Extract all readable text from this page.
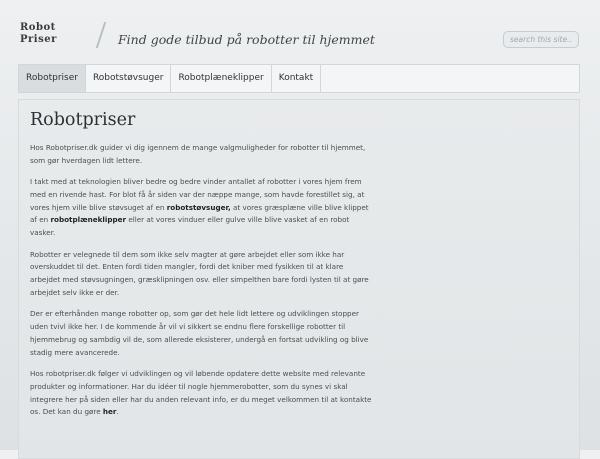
Robot
Priser	Find gode tilbud på robotter til hjemmet
search this site...
Robotpriser	Robotstøvsuger	Robotplæneklipper	Kontakt
Robotpriser

Hos Robotpriser.dk guider vi dig igennem de mange valgmuligheder for robotter til hjemmet, som gør hverdagen lidt lettere.

I takt med at teknologien bliver bedre og bedre vinder antallet af robotter i vores hjem frem med en rivende hast. For blot få år siden var der næppe mange, som havde forestillet sig, at vores hjem ville blive støvsuget af en robotstøvsuger, at vores græsplæne ville blive klippet af en robotplæneklipper eller at vores vinduer eller gulve ville blive vasket af en robot vasker.

Robotter er velegnede til dem som ikke selv magter at gøre arbejdet eller som ikke har overskuddet til det. Enten fordi tiden mangler, fordi det kniber med fysikken til at klare arbejdet med støvsugningen, græsklipningen osv. eller simpelthen bare fordi lysten til at gøre arbejdet selv ikke er der.

Der er efterhånden mange robotter op, som gør det hele lidt lettere og udviklingen stopper uden tvivl ikke her. I de kommende år vil vi sikkert se endnu flere forskellige robotter til hjemmebrug og sambdig vil de, som allerede eksisterer, undergå en fortsat udvikling og blive stadig mere avancerede.

Hos robotpriser.dk følger vi udviklingen og vil løbende opdatere dette website med relevante produkter og informationer. Har du idéer til nogle hjemmerobotter, som du synes vi skal integrere her på siden eller har du anden relevant info, er du meget velkommen til at kontakte os. Det kan du gøre her.
